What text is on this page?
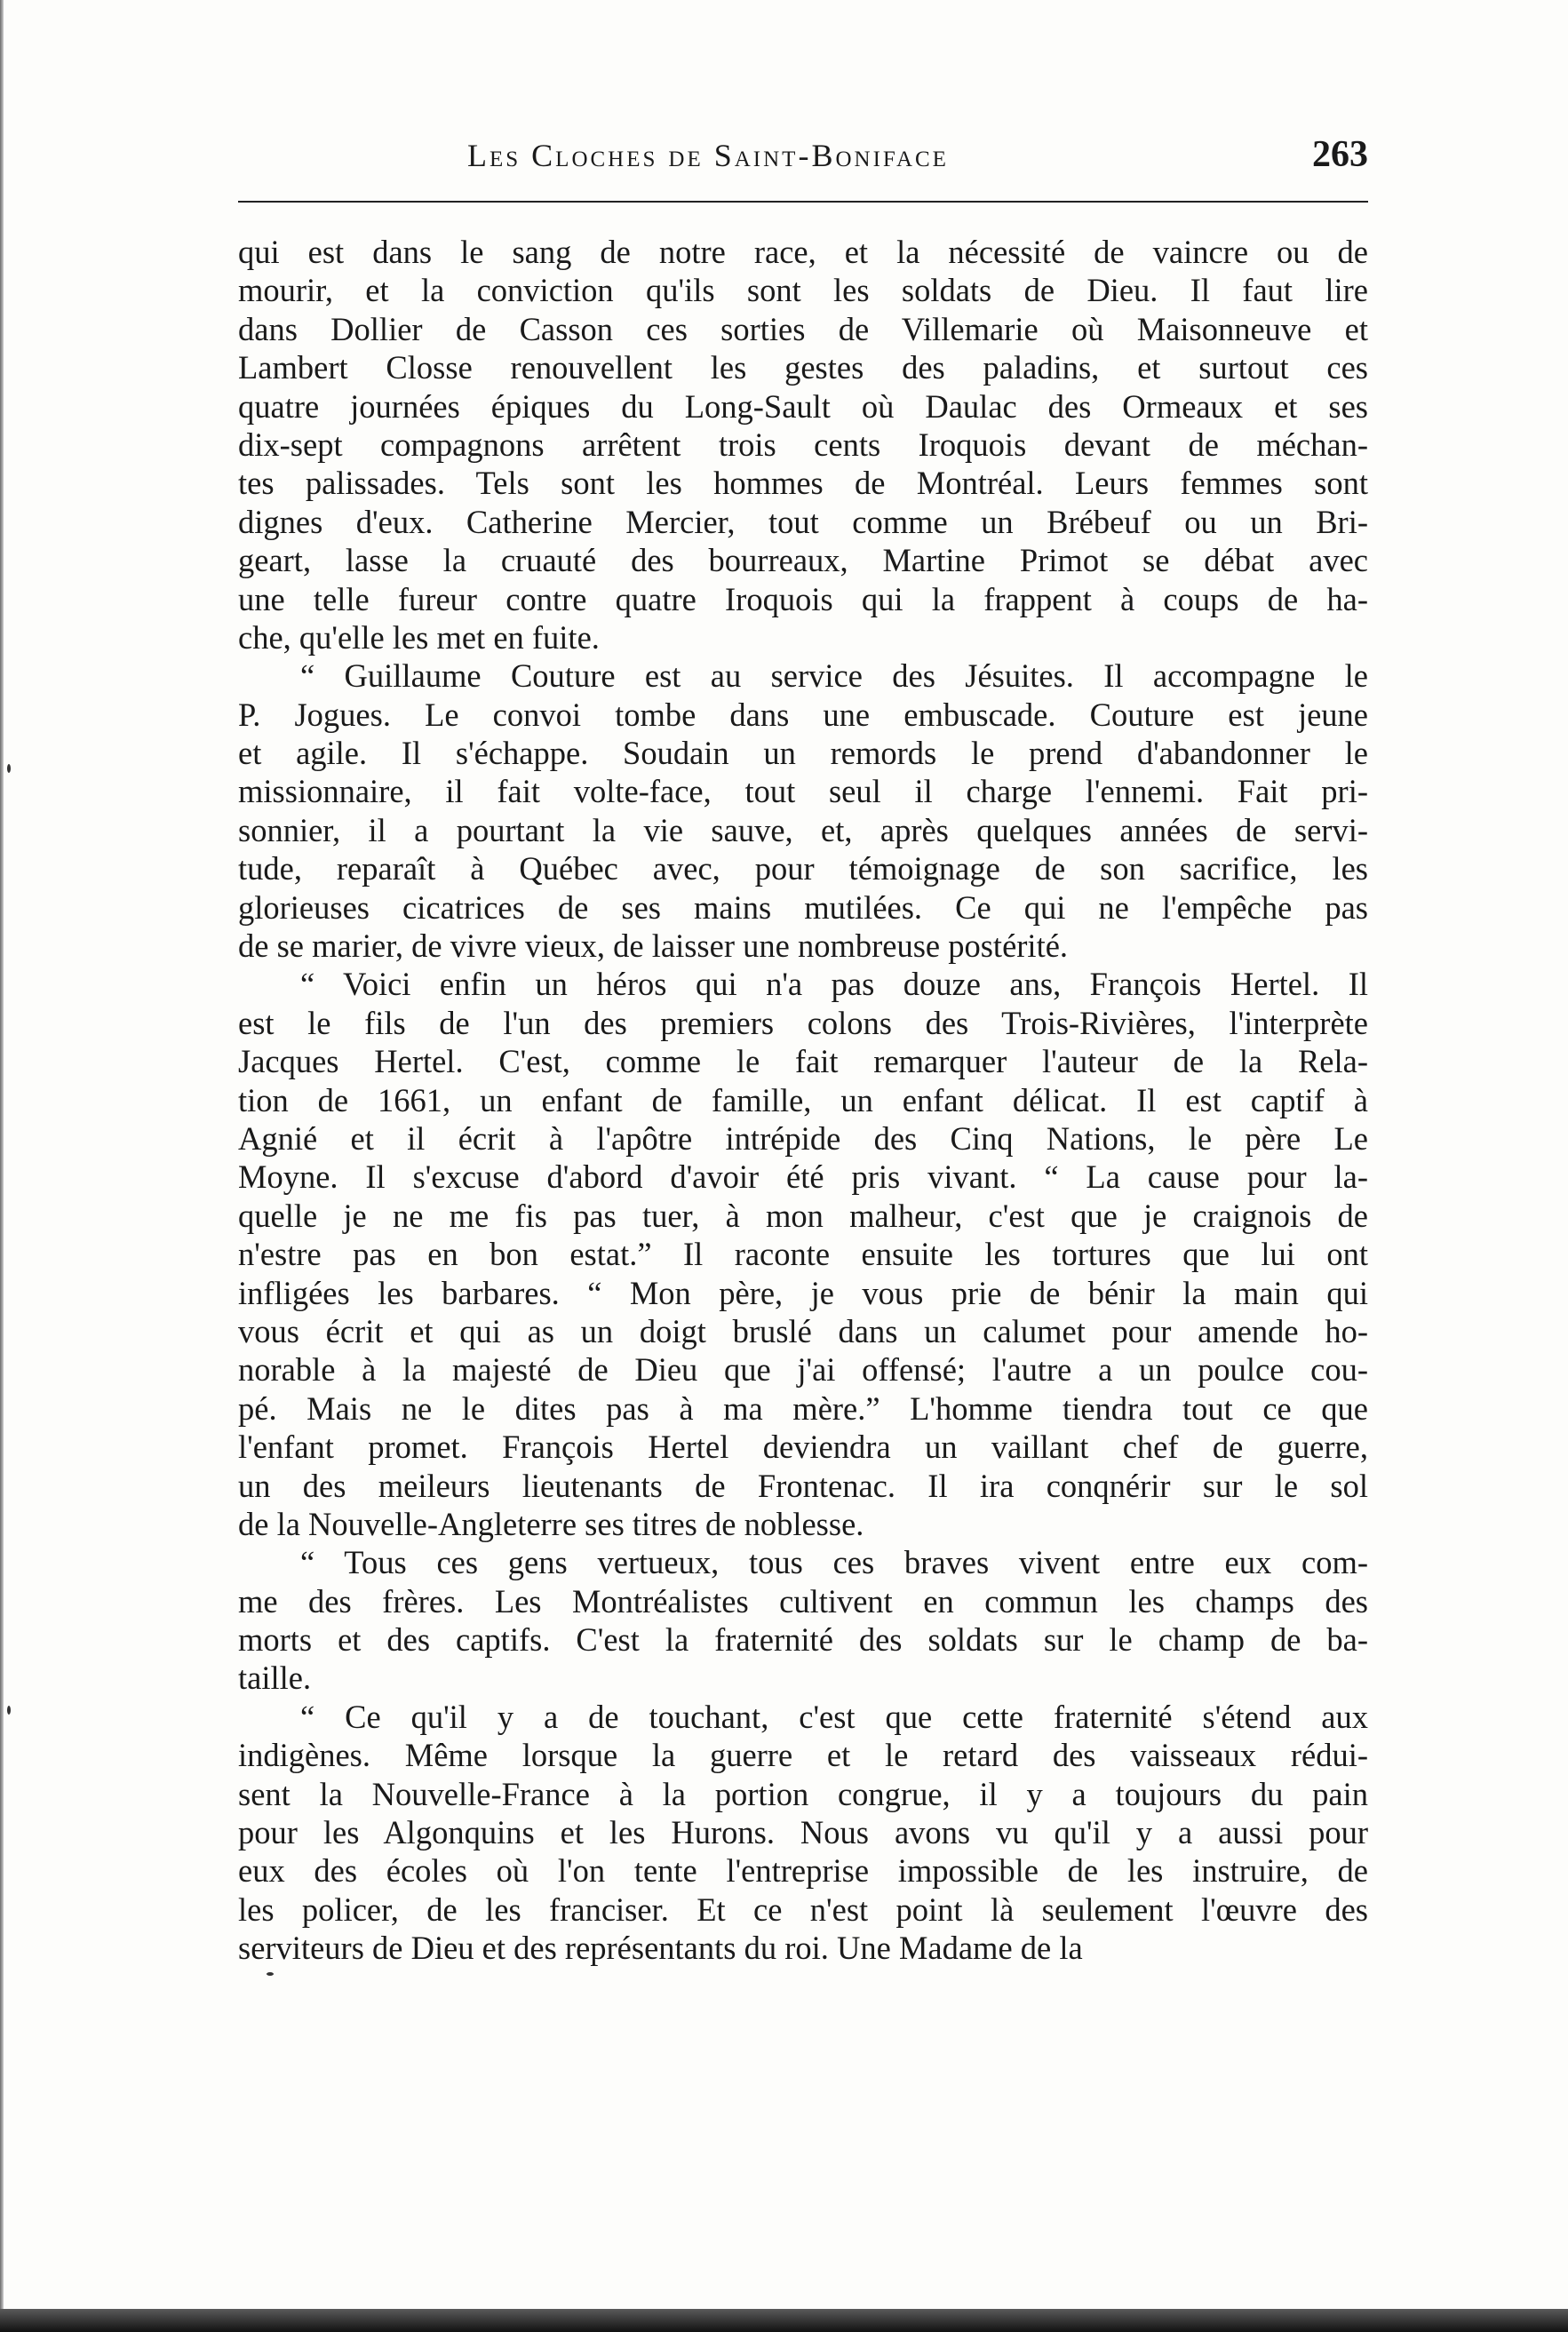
Les Cloches de Saint-Boniface	263
qui est dans le sang de notre race, et la nécessité de vaincre ou de
mourir, et la conviction qu'ils sont les soldats de Dieu. Il faut lire
dans Dollier de Casson ces sorties de Villemarie où Maisonneuve et
Lambert Closse renouvellent les gestes des paladins, et surtout ces
quatre journées épiques du Long-Sault où Daulac des Ormeaux et ses
dix-sept compagnons arrêtent trois cents Iroquois devant de méchan-
tes palissades. Tels sont les hommes de Montréal. Leurs femmes sont
dignes d'eux. Catherine Mercier, tout comme un Brébeuf ou un Bri-
geart, lasse la cruauté des bourreaux, Martine Primot se débat avec
une telle fureur contre quatre Iroquois qui la frappent à coups de ha-
che, qu'elle les met en fuite.
“ Guillaume Couture est au service des Jésuites. Il accompagne le
P. Jogues. Le convoi tombe dans une embuscade. Couture est jeune
et agile. Il s'échappe. Soudain un remords le prend d'abandonner le
missionnaire, il fait volte-face, tout seul il charge l'ennemi. Fait pri-
sonnier, il a pourtant la vie sauve, et, après quelques années de servi-
tude, reparaît à Québec avec, pour témoignage de son sacrifice, les
glorieuses cicatrices de ses mains mutilées. Ce qui ne l'empêche pas
de se marier, de vivre vieux, de laisser une nombreuse postérité.
“ Voici enfin un héros qui n'a pas douze ans, François Hertel. Il
est le fils de l'un des premiers colons des Trois-Rivières, l'interprète
Jacques Hertel. C'est, comme le fait remarquer l'auteur de la Rela-
tion de 1661, un enfant de famille, un enfant délicat. Il est captif à
Agnié et il écrit à l'apôtre intrépide des Cinq Nations, le père Le
Moyne. Il s'excuse d'abord d'avoir été pris vivant. “ La cause pour la-
quelle je ne me fis pas tuer, à mon malheur, c'est que je craignois de
n'estre pas en bon estat.” Il raconte ensuite les tortures que lui ont
infligées les barbares. “ Mon père, je vous prie de bénir la main qui
vous écrit et qui as un doigt bruslé dans un calumet pour amende ho-
norable à la majesté de Dieu que j'ai offensé; l'autre a un poulce cou-
pé. Mais ne le dites pas à ma mère.” L'homme tiendra tout ce que
l'enfant promet. François Hertel deviendra un vaillant chef de guerre,
un des meileurs lieutenants de Frontenac. Il ira conqnérir sur le sol
de la Nouvelle-Angleterre ses titres de noblesse.
“ Tous ces gens vertueux, tous ces braves vivent entre eux com-
me des frères. Les Montréalistes cultivent en commun les champs des
morts et des captifs. C'est la fraternité des soldats sur le champ de ba-
taille.
“ Ce qu'il y a de touchant, c'est que cette fraternité s'étend aux
indigènes. Même lorsque la guerre et le retard des vaisseaux rédui-
sent la Nouvelle-France à la portion congrue, il y a toujours du pain
pour les Algonquins et les Hurons. Nous avons vu qu'il y a aussi pour
eux des écoles où l'on tente l'entreprise impossible de les instruire, de
les policer, de les franciser. Et ce n'est point là seulement l'œuvre des
serviteurs de Dieu et des représentants du roi. Une Madame de la
